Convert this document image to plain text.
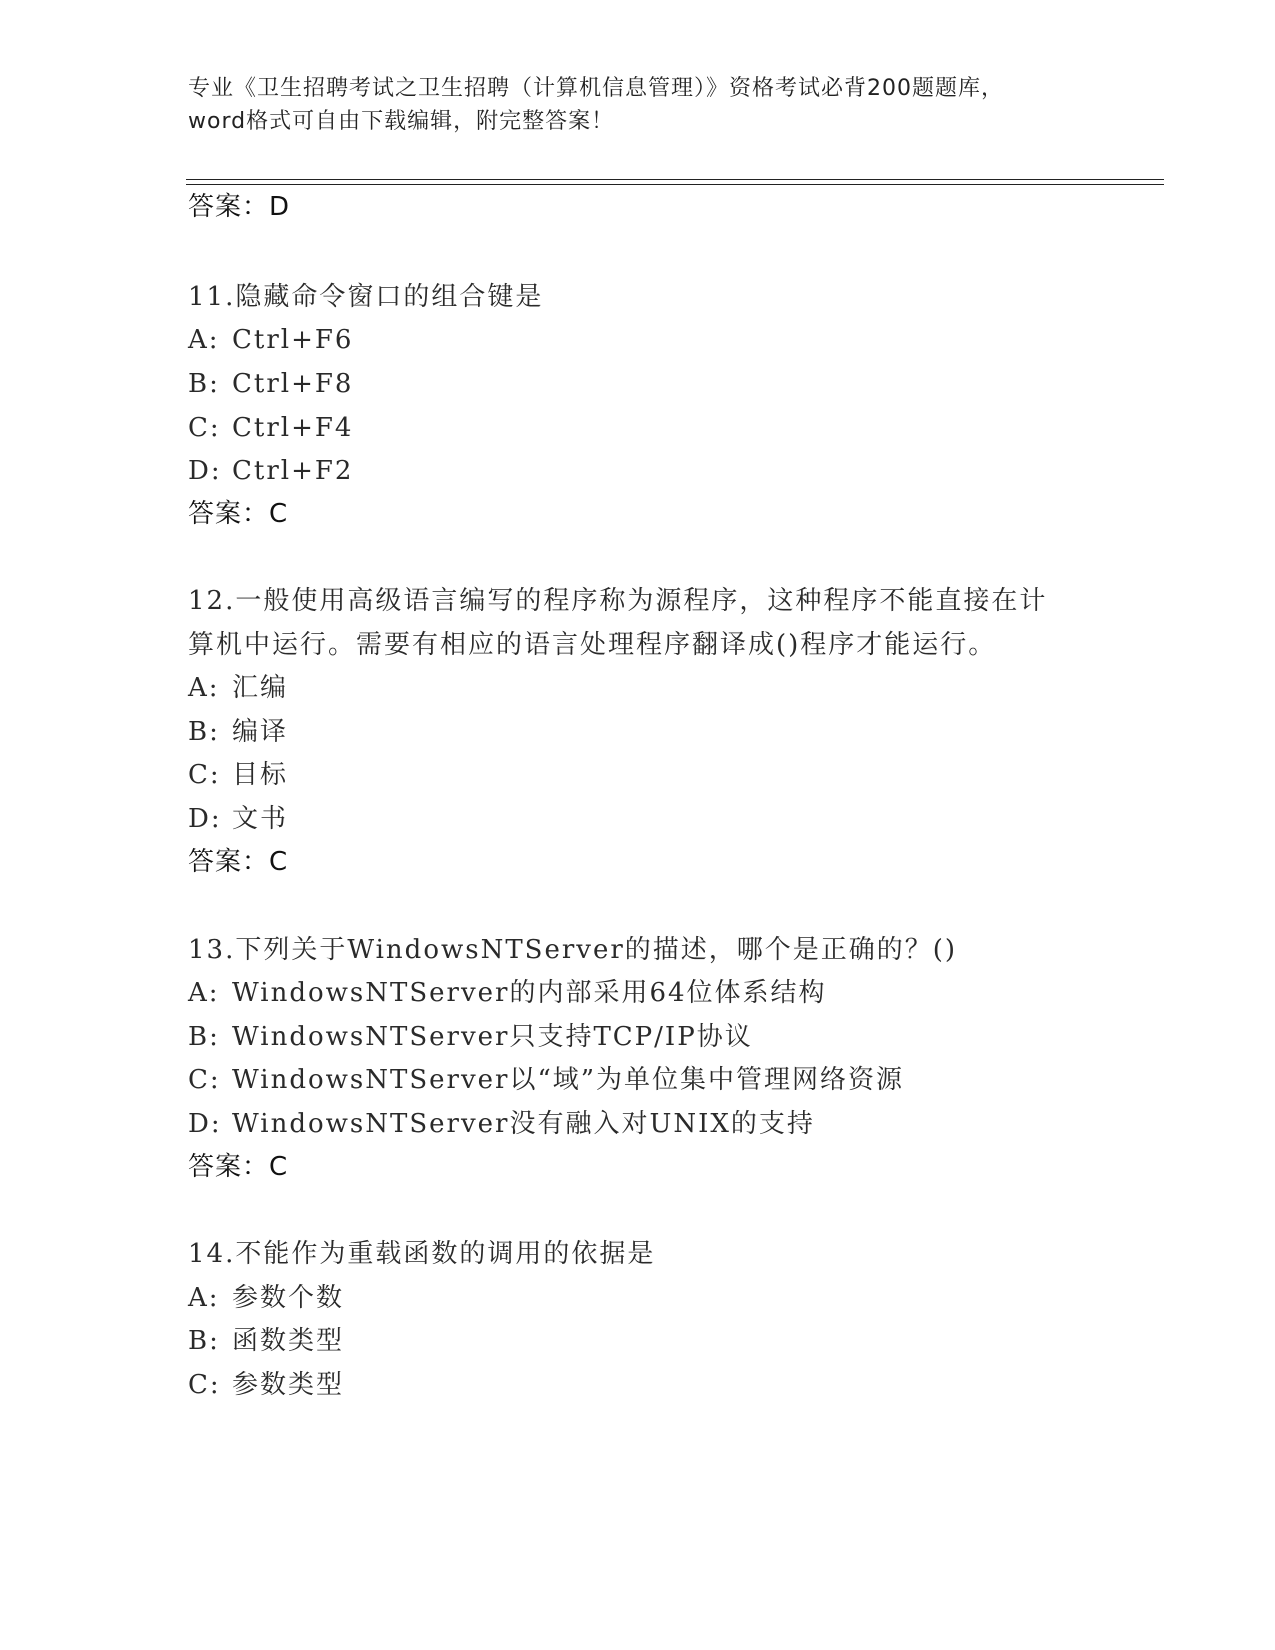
专业《卫生招聘考试之卫生招聘（计算机信息管理）》资格考试必背200题题库，
word格式可自由下载编辑，附完整答案！
答案：D
11.隐藏命令窗口的组合键是
A: Ctrl+F6
B: Ctrl+F8
C: Ctrl+F4
D: Ctrl+F2
答案：C
12.一般使用高级语言编写的程序称为源程序，这种程序不能直接在计
算机中运行。需要有相应的语言处理程序翻译成()程序才能运行。
A: 汇编
B: 编译
C: 目标
D: 文书
答案：C
13.下列关于WindowsNTServer的描述，哪个是正确的？()
A: WindowsNTServer的内部采用64位体系结构
B: WindowsNTServer只支持TCP/IP协议
C: WindowsNTServer以“域”为单位集中管理网络资源
D: WindowsNTServer没有融入对UNIX的支持
答案：C
14.不能作为重载函数的调用的依据是
A: 参数个数
B: 函数类型
C: 参数类型
